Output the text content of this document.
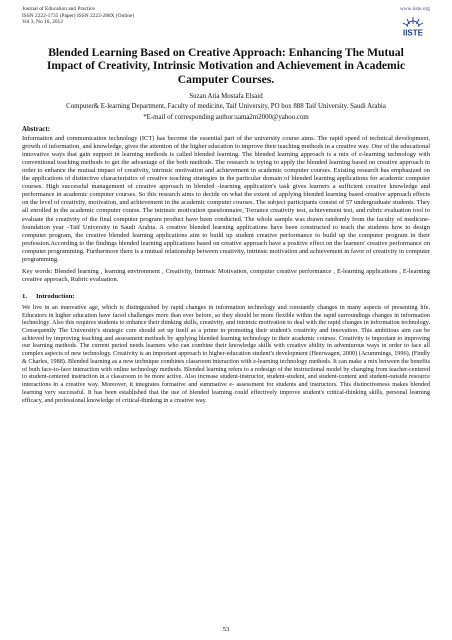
Journal of Education and Practice
ISSN 2222-1735 (Paper) ISSN 2222-288X (Online)
Vol 3, No 16, 2012
www.iiste.org
IISTE
Blended Learning Based on Creative Approach: Enhancing The Mutual Impact of Creativity, Intrinsic Motivation and Achievement in Academic Camputer Courses.
Suzan Atia Mostafa Elsaid
Computer& E-learning Department, Faculty of medicine, Taif University, PO box 888 Taif University. Saudi Arabia
*E-mail of corresponding author:sama2m2000@yahoo.com
Abstract:
Information and communication technology (ICT) has become the essential part of the university course aims. The rapid speed of technical development, growth of information, and knowledge, gives the attention of the higher education to improve their teaching methods in a creative way. One of the educational innovative ways that gain support in learning methods is called blended learning. The blended learning approach is a mix of e-learning technology with conventional teaching methods to get the advantage of the both methods. The research is trying to apply the blended learning based on creative approach in order to enhance the mutual impact of creativity, intrinsic motivation and achievement in academic computer courses. Existing research has emphasized on the applications of distinctive characteristics of creative teaching strategies in the particular domain of blended learning applications for academic computer courses. High successful management of creative approach in blended -learning application's task gives learners a sufficient creative knowledge and performance in academic computer courses. So this research aims to decide on what the extent of applying blended learning based creative approach effects on the level of creativity, motivation, and achievement in the academic computer courses. The subject participants consist of 57 undergraduate students. They all enrolled in the academic computer course. The intrinsic motivation questionnaire, Torrance creativity test, achievement test, and rubric evaluation tool to evaluate the creativity of the final computer program product have been conducted. The whole sample was drawn randomly from the faculty of medicine- foundation year –Taif University in Saudi Arabia. A creative blended learning applications have been constructed to teach the students how to design computer program, the creative blended learning applications aim to build up student creative performance to build up the computer program in their profession.According to the findings blended learning applications based on creative approach have a positive effect on the learners' creative performance on computer programming. Furthermore there is a mutual relationship between creativity, intrinsic motivation and achievement in favor of creativity in computer programming.
Key words: Blended learning , learning environment , Creativity, Intrinsic Motivation, computer creative performance , E-learning applications , E-learning creative approach, Rubric evaluation.
1. Introduction:
We live in an innovative age, which is distinguished by rapid changes in information technology and constantly changes in many aspects of presenting life. Educators in higher education have faced challenges more than ever before, so they should be more flexible within the rapid surroundings changes in information technology. Also this requires students to enhance their thinking skills, creativity, and intrinsic motivation to deal with the rapid changes in information technology. Consequently The University's strategic core should set up itself as a prime in promoting their student's creativity and innovation. This ambitious aim can be achieved by improving teaching and assessment methods by applying blended learning technology in their academic courses. Creativity is important to improving our learning methods. The current period needs learners who can combine their knowledge skills with creative ability in adventurous ways in order to face all complex aspects of new technology. Creativity is an important approach to higher-education student’s development (Heerwagen, 2000) (Acummings, 1996), (Findly & Charles, 1988). Blended learning as a new technique combines classroom interaction with e-learning technology methods. It can make a mix between the benefits of both face-to-face interaction with online technology methods. Blended learning refers to a redesign of the instructional model by changing from teacher-centered to student-centered instruction in a classroom to be more active. Also increase student-instructor, student-student, and student-content and student-outside resource interactions in a creative way. Moreover, it integrates formative and summative e- assessment for students and instructors. This distinctiveness makes blended learning very successful. It has been established that the use of blended learning could effectively improve student's critical-thinking skills, personal learning efficacy, and professional knowledge of critical-thinking in a creative way.
53
